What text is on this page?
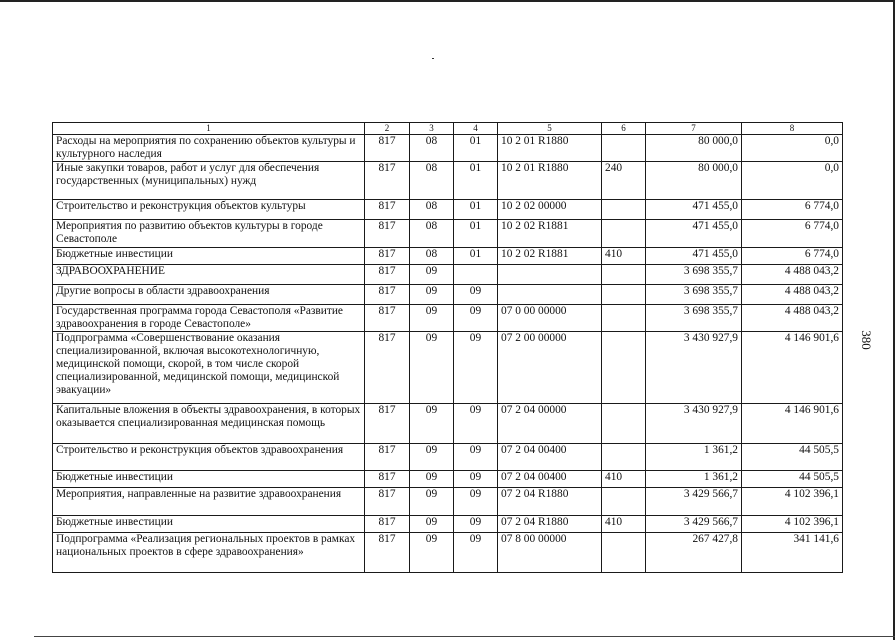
380
1	2	3	4	5	6	7	8
Расходы на мероприятия по сохранению объектов культуры и культурного наследия	817	08	01	10 2 01 R1880		80 000,0	0,0
Иные закупки товаров, работ и услуг для обеспечения государственных (муниципальных) нужд	817	08	01	10 2 01 R1880	240	80 000,0	0,0
Строительство и реконструкция объектов культуры	817	08	01	10 2 02 00000		471 455,0	6 774,0
Мероприятия по развитию объектов культуры в городе Севастополе	817	08	01	10 2 02 R1881		471 455,0	6 774,0
Бюджетные инвестиции	817	08	01	10 2 02 R1881	410	471 455,0	6 774,0
ЗДРАВООХРАНЕНИЕ	817	09				3 698 355,7	4 488 043,2
Другие вопросы в области здравоохранения	817	09	09			3 698 355,7	4 488 043,2
Государственная программа города Севастополя «Развитие здравоохранения в городе Севастополе»	817	09	09	07 0 00 00000		3 698 355,7	4 488 043,2
Подпрограмма «Совершенствование оказания специализированной, включая высокотехнологичную, медицинской помощи, скорой, в том числе скорой специализированной, медицинской помощи, медицинской эвакуации»	817	09	09	07 2 00 00000		3 430 927,9	4 146 901,6
Капитальные вложения в объекты здравоохранения, в которых оказывается специализированная медицинская помощь	817	09	09	07 2 04 00000		3 430 927,9	4 146 901,6
Строительство и реконструкция объектов здравоохранения	817	09	09	07 2 04 00400		1 361,2	44 505,5
Бюджетные инвестиции	817	09	09	07 2 04 00400	410	1 361,2	44 505,5
Мероприятия, направленные на развитие здравоохранения	817	09	09	07 2 04 R1880		3 429 566,7	4 102 396,1
Бюджетные инвестиции	817	09	09	07 2 04 R1880	410	3 429 566,7	4 102 396,1
Подпрограмма «Реализация региональных проектов в рамках национальных проектов в сфере здравоохранения»	817	09	09	07 8 00 00000		267 427,8	341 141,6
